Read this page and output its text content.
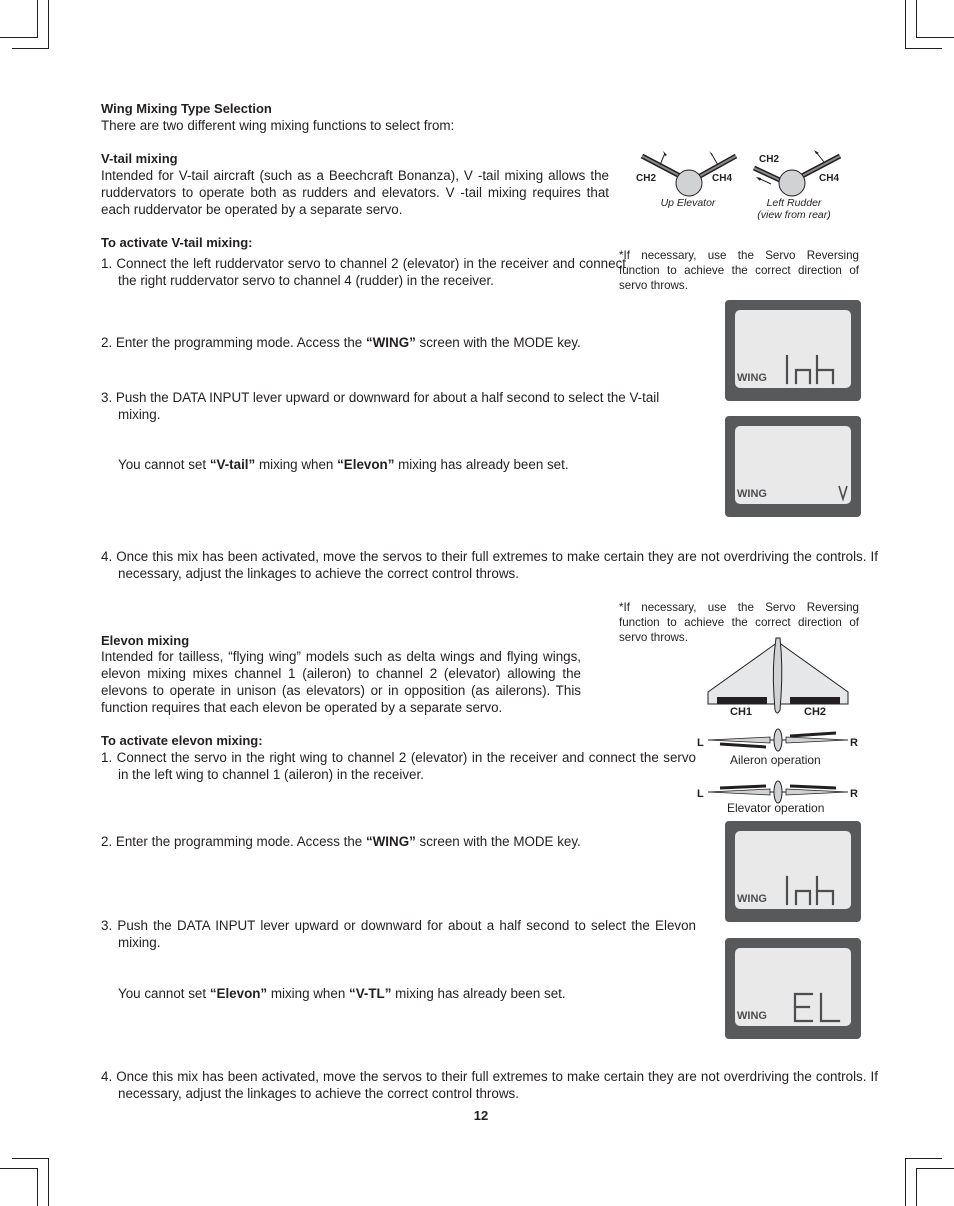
Wing Mixing Type Selection
There are two different wing mixing functions to select from:
V-tail mixing
Intended for V-tail aircraft (such as a Beechcraft Bonanza), V -tail mixing allows the ruddervators to operate both as rudders and elevators. V -tail mixing requires that each ruddervator be operated by a separate servo.
To activate V-tail mixing:
1. Connect the left ruddervator servo to channel 2 (elevator) in the receiver and connect the right ruddervator servo to channel 4 (rudder) in the receiver.
2. Enter the programming mode. Access the “WING” screen with the MODE key.
3. Push the DATA INPUT lever upward or downward for about a half second to select the V-tail mixing.
You cannot set “V-tail” mixing when “Elevon” mixing has already been set.
4. Once this mix has been activated, move the servos to their full extremes to make certain they are not overdriving the controls. If necessary, adjust the linkages to achieve the correct control throws.
CH2	CH4
CH2
CH4
Up Elevator	Left Rudder
(view from rear)
*If necessary, use the Servo Reversing function to achieve the correct direction of servo throws.
WING
WING
*If necessary, use the Servo Reversing function to achieve the correct direction of servo throws.
Elevon mixing
Intended for tailless, “flying wing” models such as delta wings and flying wings, elevon mixing mixes channel 1 (aileron) to channel 2 (elevator) allowing the elevons to operate in unison (as elevators) or in opposition (as ailerons). This function requires that each elevon be operated by a separate servo.
To activate elevon mixing:
1. Connect the servo in the right wing to channel 2 (elevator) in the receiver and connect the servo in the left wing to channel 1 (aileron) in the receiver.
2. Enter the programming mode. Access the “WING” screen with the MODE key.
3. Push the DATA INPUT lever upward or downward for about a half second to select the Elevon mixing.
You cannot set “Elevon” mixing when “V-TL” mixing has already been set.
4. Once this mix has been activated, move the servos to their full extremes to make certain they are not overdriving the controls. If necessary, adjust the linkages to achieve the correct control throws.
CH1	CH2
L	R
Aileron operation
L	R
Elevator operation
WING
WING
12
